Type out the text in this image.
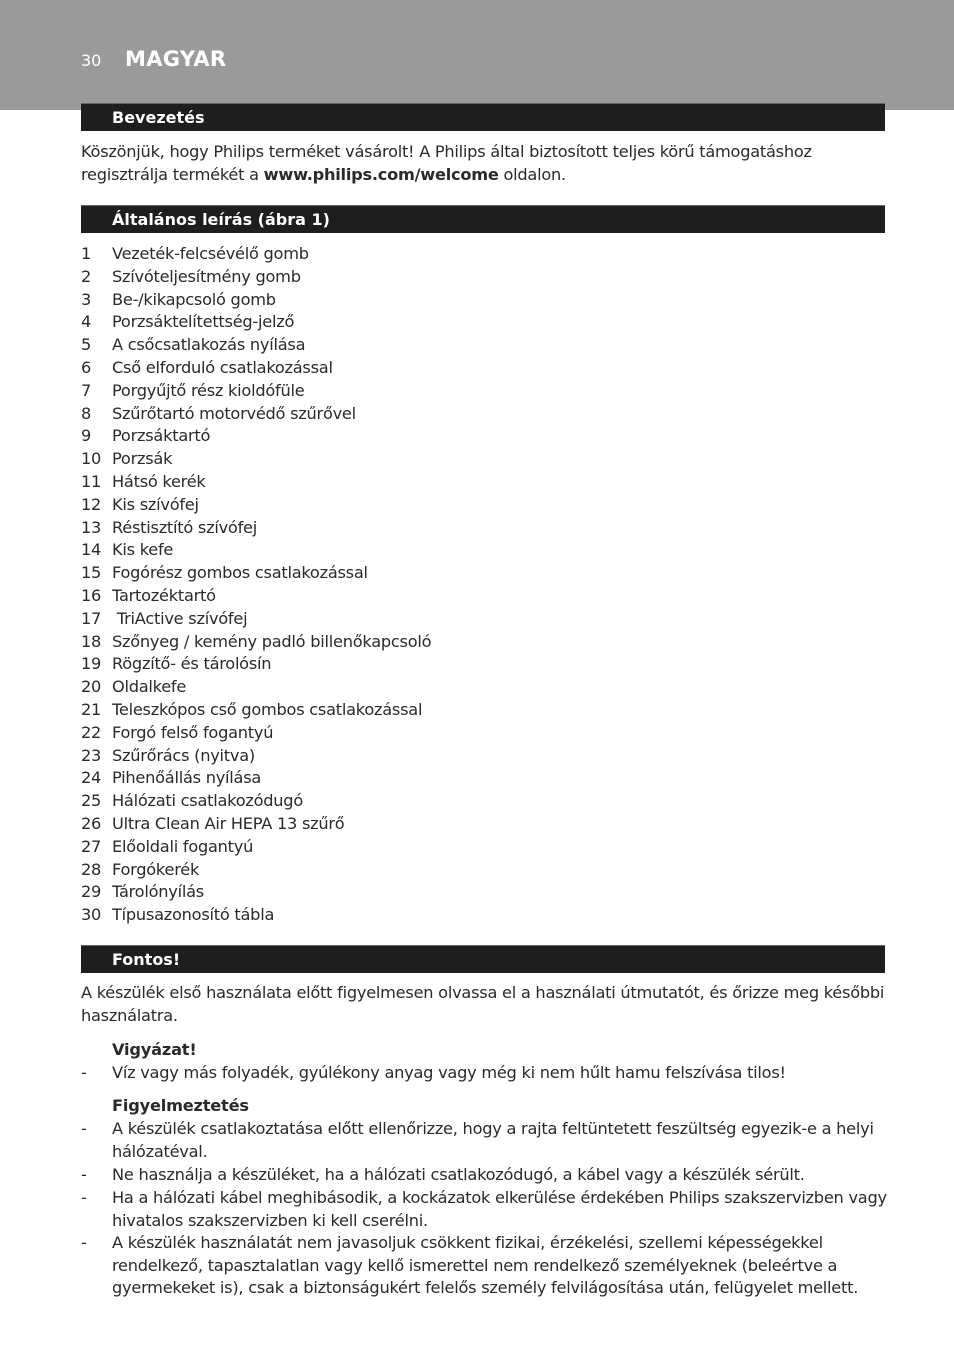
30 MAGYAR
Bevezetés
Köszönjük, hogy Philips terméket vásárolt! A Philips által biztosított teljes körű támogatáshoz regisztrálja termékét a www.philips.com/welcome oldalon.
Általános leírás (ábra 1)
1	Vezeték-felcsévélő gomb
2	Szívóteljesítmény gomb
3	Be-/kikapcsoló gomb
4	Porzsáktelítettség-jelző
5	A csőcsatlakozás nyílása
6	Cső elforduló csatlakozással
7	Porgyűjtő rész kioldófüle
8	Szűrőtartó motorvédő szűrővel
9	Porzsáktartó
10 Porzsák
11 Hátsó kerék
12 Kis szívófej
13 Réstisztító szívófej
14 Kis kefe
15 Fogórész gombos csatlakozással
16 Tartozéktartó
17 TriActive szívófej
18 Szőnyeg / kemény padló billenőkapcsoló
19 Rögzítő- és tárolósín
20 Oldalkefe
21 Teleszkópos cső gombos csatlakozással
22 Forgó felső fogantyú
23 Szűrőrács (nyitva)
24 Pihenőállás nyílása
25 Hálózati csatlakozódugó
26 Ultra Clean Air HEPA 13 szűrő
27 Előoldali fogantyú
28 Forgókerék
29 Tárolónyílás
30 Típusazonosító tábla
Fontos!
A készülék első használata előtt figyelmesen olvassa el a használati útmutatót, és őrizze meg későbbi használatra.
Vigyázat!
- Víz vagy más folyadék, gyúlékony anyag vagy még ki nem hűlt hamu felszívása tilos!
Figyelmeztetés
- A készülék csatlakoztatása előtt ellenőrizze, hogy a rajta feltüntetett feszültség egyezik-e a helyi hálózatéval.
- Ne használja a készüléket, ha a hálózati csatlakozódugó, a kábel vagy a készülék sérült.
- Ha a hálózati kábel meghibásodik, a kockázatok elkerülése érdekében Philips szakszervizben vagy hivatalos szakszervizben ki kell cserélni.
- A készülék használatát nem javasoljuk csökkent fizikai, érzékelési, szellemi képességekkel rendelkező, tapasztalatlan vagy kellő ismerettel nem rendelkező személyeknek (beleértve a gyermekeket is), csak a biztonságukért felelős személy felvilágosítása után, felügyelet mellett.
